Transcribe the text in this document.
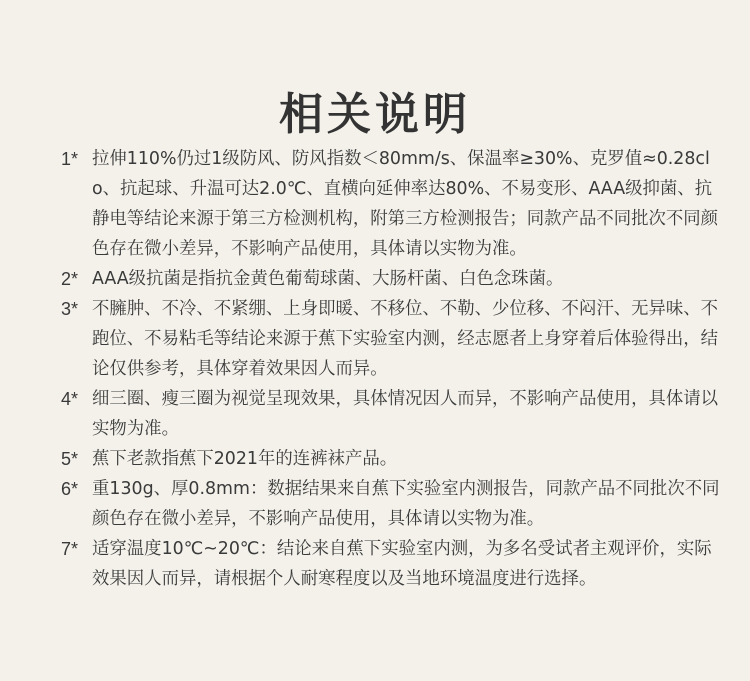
相关说明
1* 拉伸110%仍过1级防风、防风指数＜80mm/s、保温率≥30%、克罗值≈0.28clo、抗起球、升温可达2.0℃、直横向延伸率达80%、不易变形、AAA级抑菌、抗静电等结论来源于第三方检测机构，附第三方检测报告；同款产品不同批次不同颜色存在微小差异，不影响产品使用，具体请以实物为准。
2* AAA级抗菌是指抗金黄色葡萄球菌、大肠杆菌、白色念珠菌。
3* 不臃肿、不冷、不紧绷、上身即暖、不移位、不勒、少位移、不闷汗、无异味、不跑位、不易粘毛等结论来源于蕉下实验室内测，经志愿者上身穿着后体验得出，结论仅供参考，具体穿着效果因人而异。
4* 细三圈、瘦三圈为视觉呈现效果，具体情况因人而异，不影响产品使用，具体请以实物为准。
5* 蕉下老款指蕉下2021年的连裤袜产品。
6* 重130g、厚0.8mm：数据结果来自蕉下实验室内测报告，同款产品不同批次不同颜色存在微小差异，不影响产品使用，具体请以实物为准。
7* 适穿温度10℃~20℃：结论来自蕉下实验室内测，为多名受试者主观评价，实际效果因人而异，请根据个人耐寒程度以及当地环境温度进行选择。
